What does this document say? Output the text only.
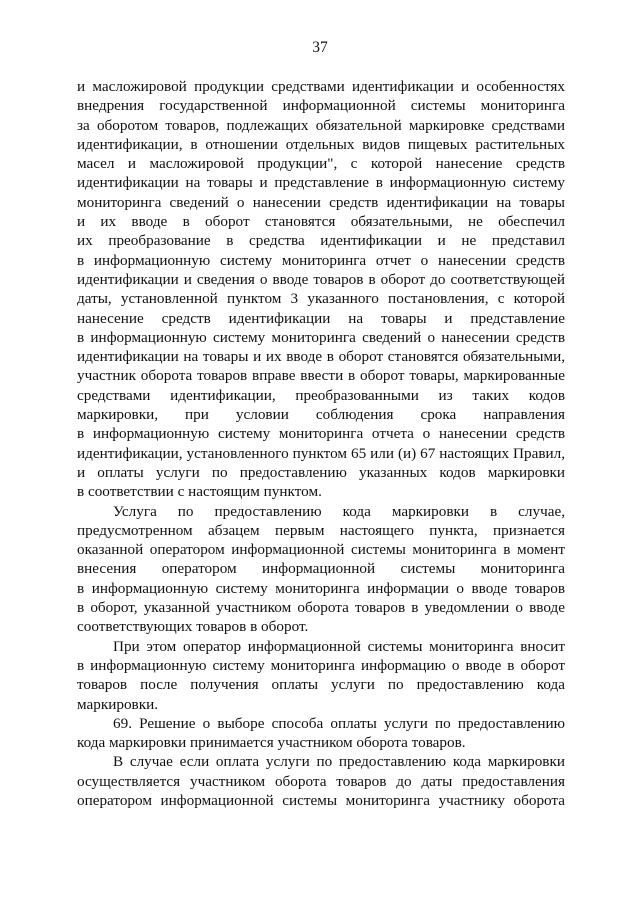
37

и масложировой продукции средствами идентификации и особенностях
внедрения государственной информационной системы мониторинга
за оборотом товаров, подлежащих обязательной маркировке средствами
идентификации, в отношении отдельных видов пищевых растительных
масел и масложировой продукции", с которой нанесение средств
идентификации на товары и представление в информационную систему
мониторинга сведений о нанесении средств идентификации на товары
и их вводе в оборот становятся обязательными, не обеспечил
их преобразование в средства идентификации и не представил
в информационную систему мониторинга отчет о нанесении средств
идентификации и сведения о вводе товаров в оборот до соответствующей
даты, установленной пунктом 3 указанного постановления, с которой
нанесение средств идентификации на товары и представление
в информационную систему мониторинга сведений о нанесении средств
идентификации на товары и их вводе в оборот становятся обязательными,
участник оборота товаров вправе ввести в оборот товары, маркированные
средствами идентификации, преобразованными из таких кодов
маркировки, при условии соблюдения срока направления
в информационную систему мониторинга отчета о нанесении средств
идентификации, установленного пунктом 65 или (и) 67 настоящих Правил,
и оплаты услуги по предоставлению указанных кодов маркировки
в соответствии с настоящим пунктом.

Услуга по предоставлению кода маркировки в случае,
предусмотренном абзацем первым настоящего пункта, признается
оказанной оператором информационной системы мониторинга в момент
внесения оператором информационной системы мониторинга
в информационную систему мониторинга информации о вводе товаров
в оборот, указанной участником оборота товаров в уведомлении о вводе
соответствующих товаров в оборот.

При этом оператор информационной системы мониторинга вносит
в информационную систему мониторинга информацию о вводе в оборот
товаров после получения оплаты услуги по предоставлению кода
маркировки.

69. Решение о выборе способа оплаты услуги по предоставлению
кода маркировки принимается участником оборота товаров.

В случае если оплата услуги по предоставлению кода маркировки
осуществляется участником оборота товаров до даты предоставления
оператором информационной системы мониторинга участнику оборота
